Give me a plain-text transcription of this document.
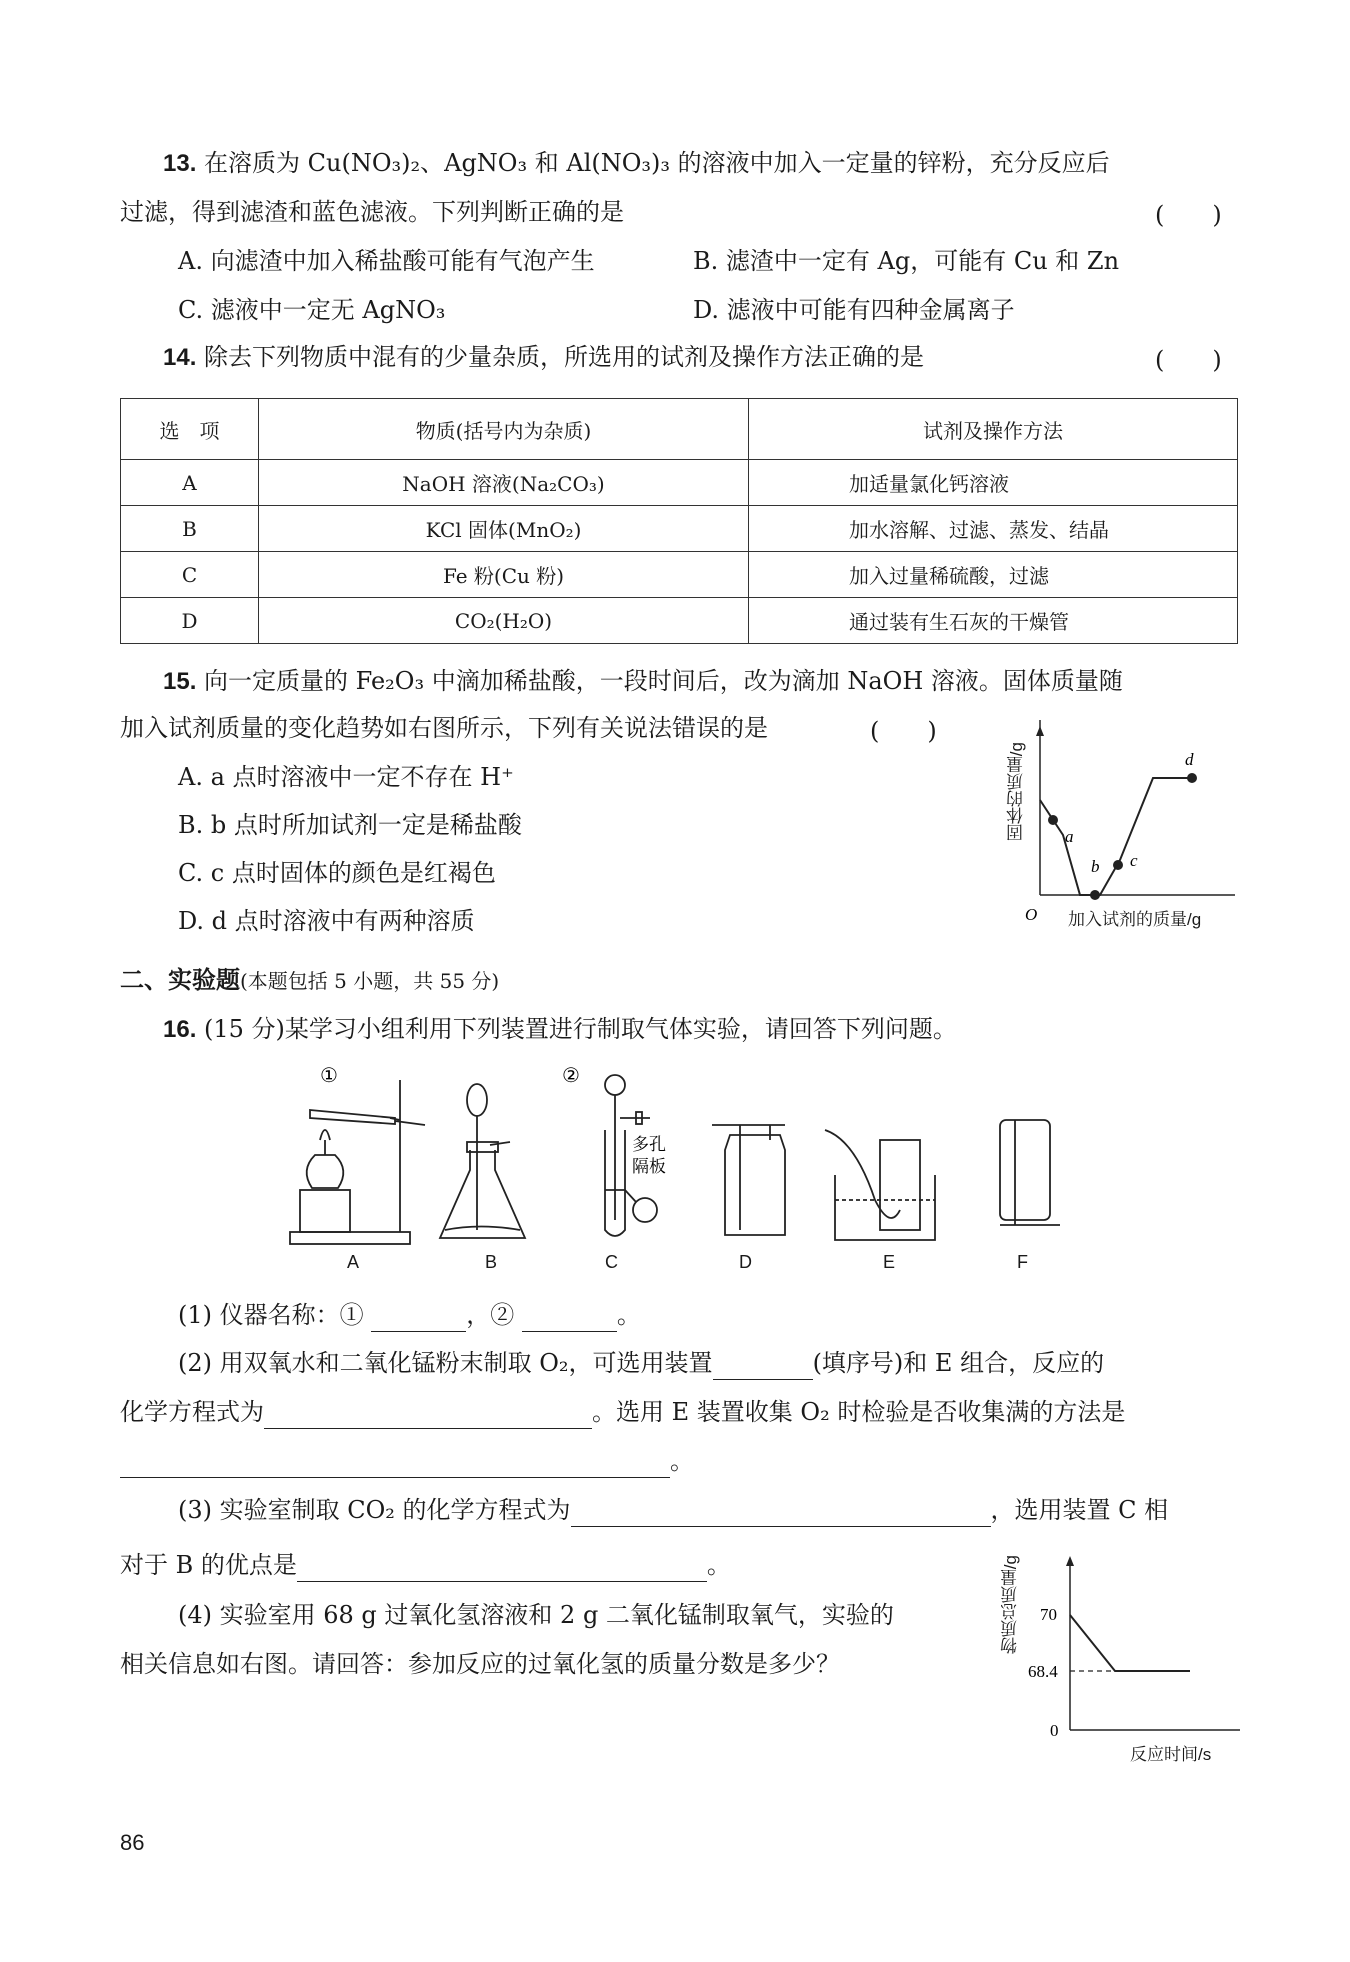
13. 在溶质为 Cu(NO₃)₂、AgNO₃ 和 Al(NO₃)₃ 的溶液中加入一定量的锌粉，充分反应后
过滤，得到滤渣和蓝色滤液。下列判断正确的是	(　　)
A. 向滤渣中加入稀盐酸可能有气泡产生	B. 滤渣中一定有 Ag，可能有 Cu 和 Zn
C. 滤液中一定无 AgNO₃	D. 滤液中可能有四种金属离子
14. 除去下列物质中混有的少量杂质，所选用的试剂及操作方法正确的是	(　　)
选　项	物质(括号内为杂质)	试剂及操作方法
A	NaOH 溶液(Na₂CO₃)	加适量氯化钙溶液
B	KCl 固体(MnO₂)	加水溶解、过滤、蒸发、结晶
C	Fe 粉(Cu 粉)	加入过量稀硫酸，过滤
D	CO₂(H₂O)	通过装有生石灰的干燥管
15. 向一定质量的 Fe₂O₃ 中滴加稀盐酸，一段时间后，改为滴加 NaOH 溶液。固体质量随
加入试剂质量的变化趋势如右图所示，下列有关说法错误的是	(　　)
A. a 点时溶液中一定不存在 H⁺
B. b 点时所加试剂一定是稀盐酸
C. c 点时固体的颜色是红褐色
D. d 点时溶液中有两种溶质
a
b c
d
O
固体的质量/g
加入试剂的质量/g
二、实验题(本题包括 5 小题，共 55 分)
16. (15 分)某学习小组利用下列装置进行制取气体实验，请回答下列问题。
①	②
多孔
隔板
A	B	C	D	E	F
(1) 仪器名称：①	，②	。
(2) 用双氧水和二氧化锰粉末制取 O₂，可选用装置	(填序号)和 E 组合，反应的
化学方程式为	。选用 E 装置收集 O₂ 时检验是否收集满的方法是
。
(3) 实验室制取 CO₂ 的化学方程式为	，选用装置 C 相
对于 B 的优点是	。
(4) 实验室用 68 g 过氧化氢溶液和 2 g 二氧化锰制取氧气，实验的
相关信息如右图。请回答：参加反应的过氧化氢的质量分数是多少？
70
68.4
0
物质总质量/g
反应时间/s
86
